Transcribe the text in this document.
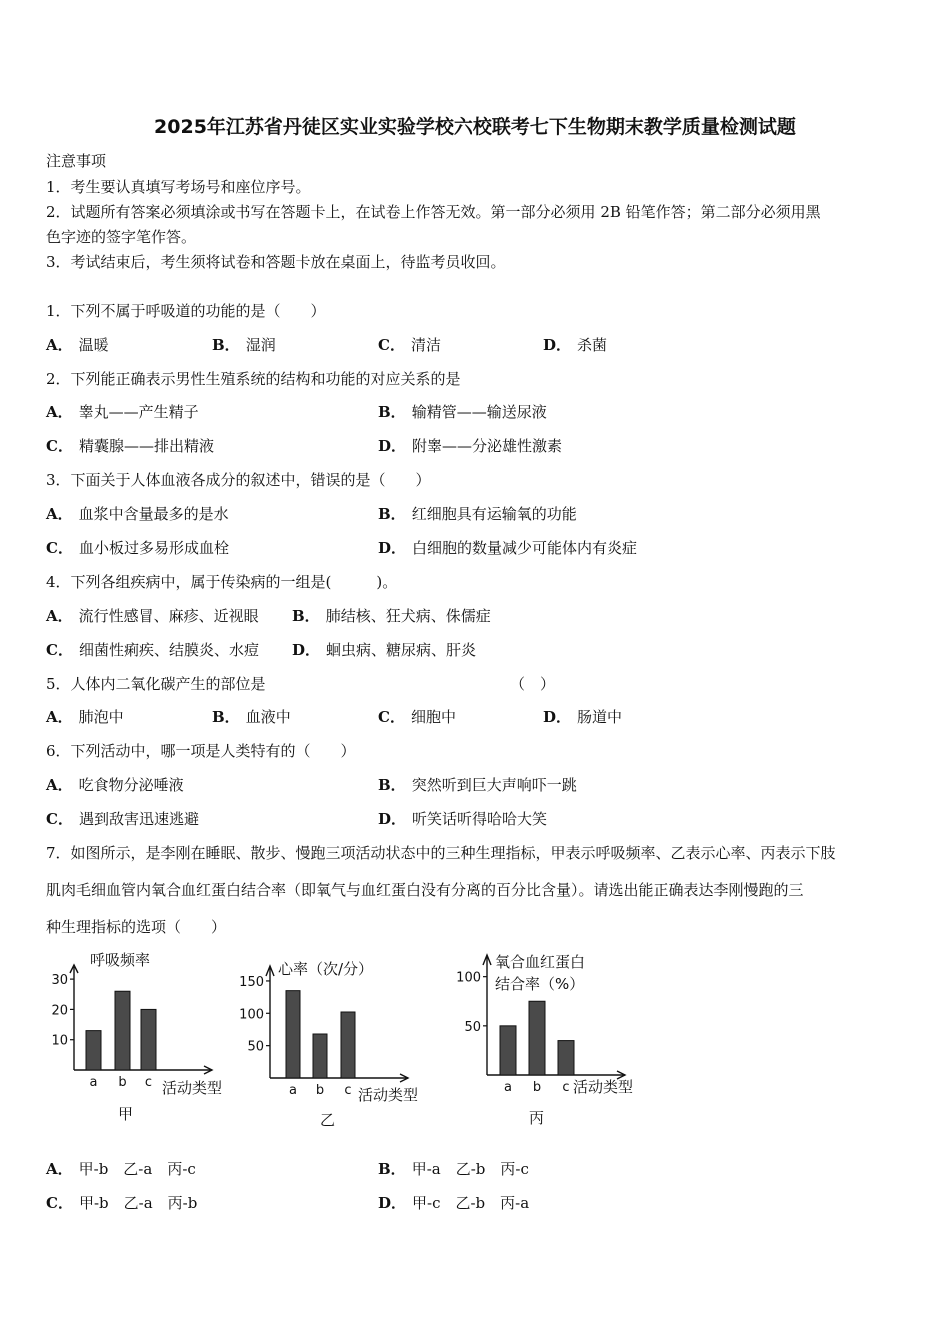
2025年江苏省丹徒区实业实验学校六校联考七下生物期末教学质量检测试题
注意事项
1．考生要认真填写考场号和座位序号。
2．试题所有答案必须填涂或书写在答题卡上，在试卷上作答无效。第一部分必须用 2B 铅笔作答；第二部分必须用黑
色字迹的签字笔作答。
3．考试结束后，考生须将试卷和答题卡放在桌面上，待监考员收回。
1．下列不属于呼吸道的功能的是（　　）
A． 温暖	B． 湿润	C． 清洁	D． 杀菌
2．下列能正确表示男性生殖系统的结构和功能的对应关系的是
A． 睾丸——产生精子	B． 输精管——输送尿液
C． 精囊腺——排出精液	D． 附睾——分泌雄性激素
3．下面关于人体血液各成分的叙述中，错误的是（　　）
A． 血浆中含量最多的是水	B． 红细胞具有运输氧的功能
C． 血小板过多易形成血栓	D． 白细胞的数量减少可能体内有炎症
4．下列各组疾病中，属于传染病的一组是(　　　)。
A． 流行性感冒、麻疹、近视眼 B． 肺结核、狂犬病、侏儒症
C． 细菌性痢疾、结膜炎、水痘 D． 蛔虫病、糖尿病、肝炎
5．人体内二氧化碳产生的部位是	（　）
A． 肺泡中	B． 血液中	C． 细胞中	D． 肠道中
6．下列活动中，哪一项是人类特有的（　　）
A． 吃食物分泌唾液	B． 突然听到巨大声响吓一跳
C． 遇到敌害迅速逃避	D． 听笑话听得哈哈大笑
7．如图所示，是李刚在睡眠、散步、慢跑三项活动状态中的三种生理指标，甲表示呼吸频率、乙表示心率、丙表示下肢
肌肉毛细血管内氧合血红蛋白结合率（即氧气与血红蛋白没有分离的百分比含量）。请选出能正确表达李刚慢跑的三
种生理指标的选项（　　）
呼吸频率
10
20
30
a b c 活动类型
甲
心率（次/分）
50
100
150
a b c 活动类型
乙
氧合血红蛋白
结合率（%）
50
100
a b c 活动类型
丙
A． 甲-b　乙-a　丙-c	B． 甲-a　乙-b　丙-c
C． 甲-b　乙-a　丙-b	D． 甲-c　乙-b　丙-a
